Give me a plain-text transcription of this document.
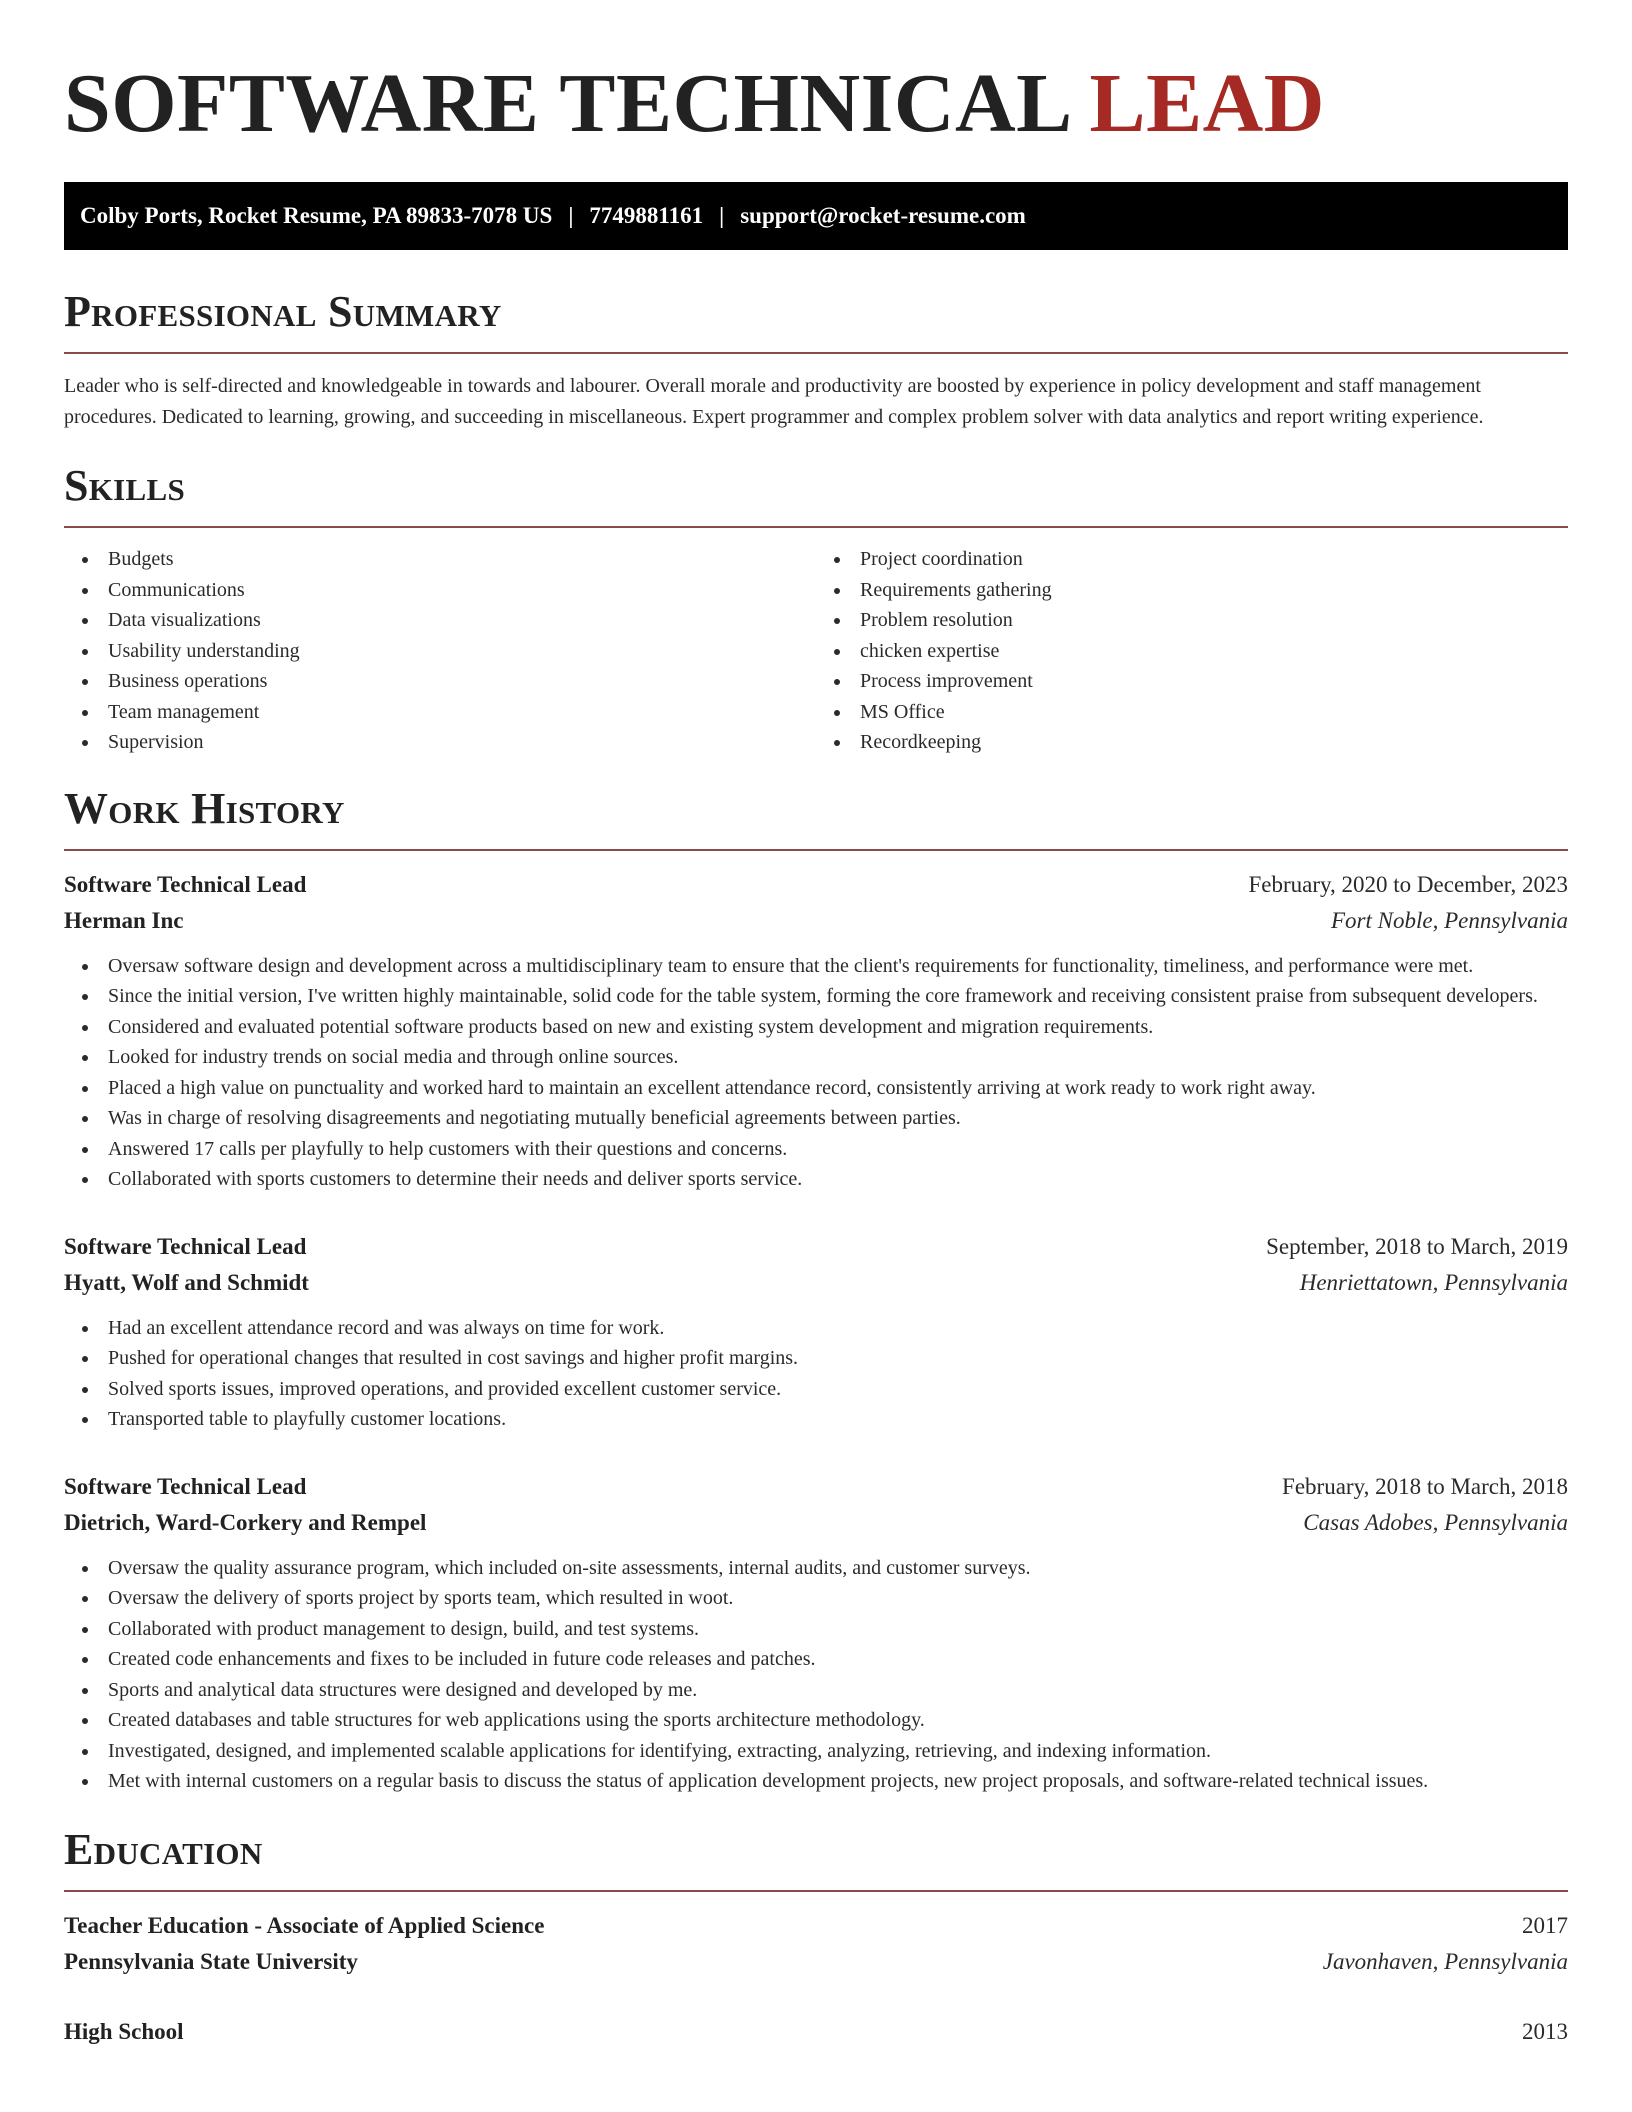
SOFTWARE TECHNICAL LEAD
Colby Ports, Rocket Resume, PA 89833-7078 US | 7749881161 | support@rocket-resume.com
Professional Summary

Leader who is self-directed and knowledgeable in towards and labourer. Overall morale and productivity are boosted by experience in policy development and staff management procedures. Dedicated to learning, growing, and succeeding in miscellaneous. Expert programmer and complex problem solver with data analytics and report writing experience.

Skills
Budgets
Communications
Data visualizations
Usability understanding
Business operations
Team management
Supervision
Project coordination
Requirements gathering
Problem resolution
chicken expertise
Process improvement
MS Office
Recordkeeping
Work History
Software Technical Lead	February, 2020 to December, 2023
Herman Inc	Fort Noble, Pennsylvania
Oversaw software design and development across a multidisciplinary team to ensure that the client's requirements for functionality, timeliness, and performance were met.
Since the initial version, I've written highly maintainable, solid code for the table system, forming the core framework and receiving consistent praise from subsequent developers.
Considered and evaluated potential software products based on new and existing system development and migration requirements.
Looked for industry trends on social media and through online sources.
Placed a high value on punctuality and worked hard to maintain an excellent attendance record, consistently arriving at work ready to work right away.
Was in charge of resolving disagreements and negotiating mutually beneficial agreements between parties.
Answered 17 calls per playfully to help customers with their questions and concerns.
Collaborated with sports customers to determine their needs and deliver sports service.
Software Technical Lead	September, 2018 to March, 2019
Hyatt, Wolf and Schmidt	Henriettatown, Pennsylvania
Had an excellent attendance record and was always on time for work.
Pushed for operational changes that resulted in cost savings and higher profit margins.
Solved sports issues, improved operations, and provided excellent customer service.
Transported table to playfully customer locations.
Software Technical Lead	February, 2018 to March, 2018
Dietrich, Ward-Corkery and Rempel	Casas Adobes, Pennsylvania
Oversaw the quality assurance program, which included on-site assessments, internal audits, and customer surveys.
Oversaw the delivery of sports project by sports team, which resulted in woot.
Collaborated with product management to design, build, and test systems.
Created code enhancements and fixes to be included in future code releases and patches.
Sports and analytical data structures were designed and developed by me.
Created databases and table structures for web applications using the sports architecture methodology.
Investigated, designed, and implemented scalable applications for identifying, extracting, analyzing, retrieving, and indexing information.
Met with internal customers on a regular basis to discuss the status of application development projects, new project proposals, and software-related technical issues.
Education
Teacher Education - Associate of Applied Science	2017
Pennsylvania State University	Javonhaven, Pennsylvania
High School	2013
